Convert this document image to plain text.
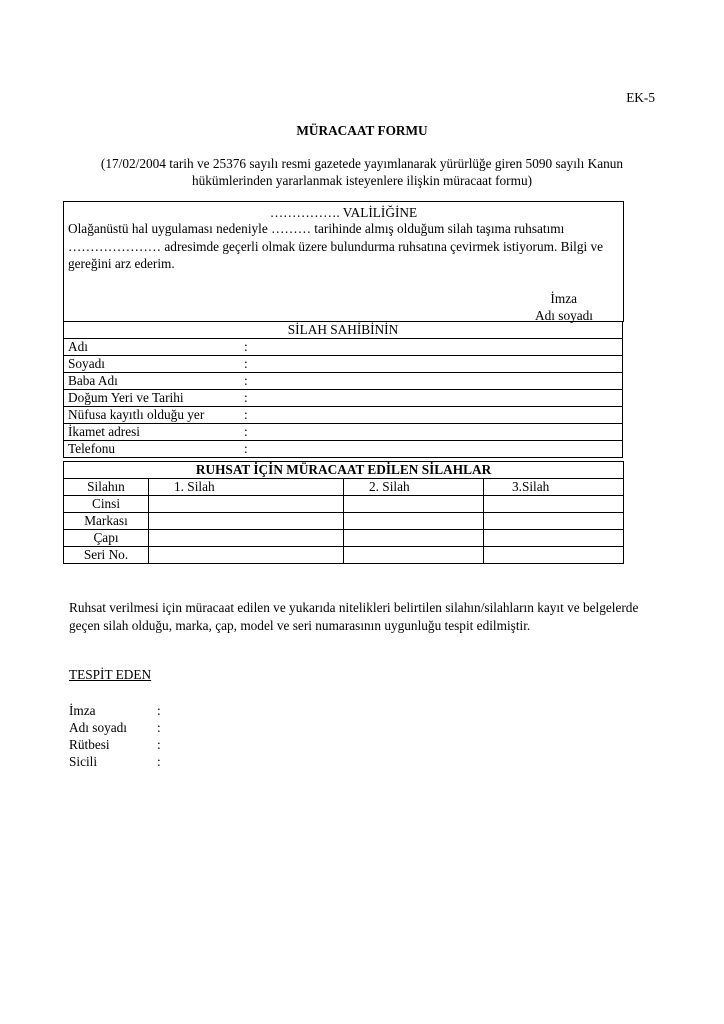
EK-5
MÜRACAAT FORMU
(17/02/2004 tarih ve 25376 sayılı resmi gazetede yayımlanarak yürürlüğe giren 5090 sayılı Kanun hükümlerinden yararlanmak isteyenlere ilişkin müracaat formu)
……………. VALİLİĞİNE
Olağanüstü hal uygulaması nedeniyle ……… tarihinde almış olduğum silah taşıma ruhsatımı ………………… adresimde geçerli olmak üzere bulundurma ruhsatına çevirmek istiyorum. Bilgi ve gereğini arz ederim.
İmza
Adı soyadı
SİLAH SAHİBİNİN
Adı	:

Soyadı	:

Baba Adı	:

Doğum Yeri ve Tarihi	:

Nüfusa kayıtlı olduğu yer	:

İkamet adresi	:

Telefonu	:
RUHSAT İÇİN MÜRACAAT EDİLEN SİLAHLAR			
Silahın	1. Silah	2. Silah	3.Silah
Cinsi			
Markası			
Çapı			
Seri No.			
Ruhsat verilmesi için müracaat edilen ve yukarıda nitelikleri belirtilen silahın/silahların kayıt ve belgelerde geçen silah olduğu, marka, çap, model ve seri numarasının uygunluğu tespit edilmiştir.
TESPİT EDEN
İmza	:
Adı soyadı :
Rütbesi	:
Sicili	:
